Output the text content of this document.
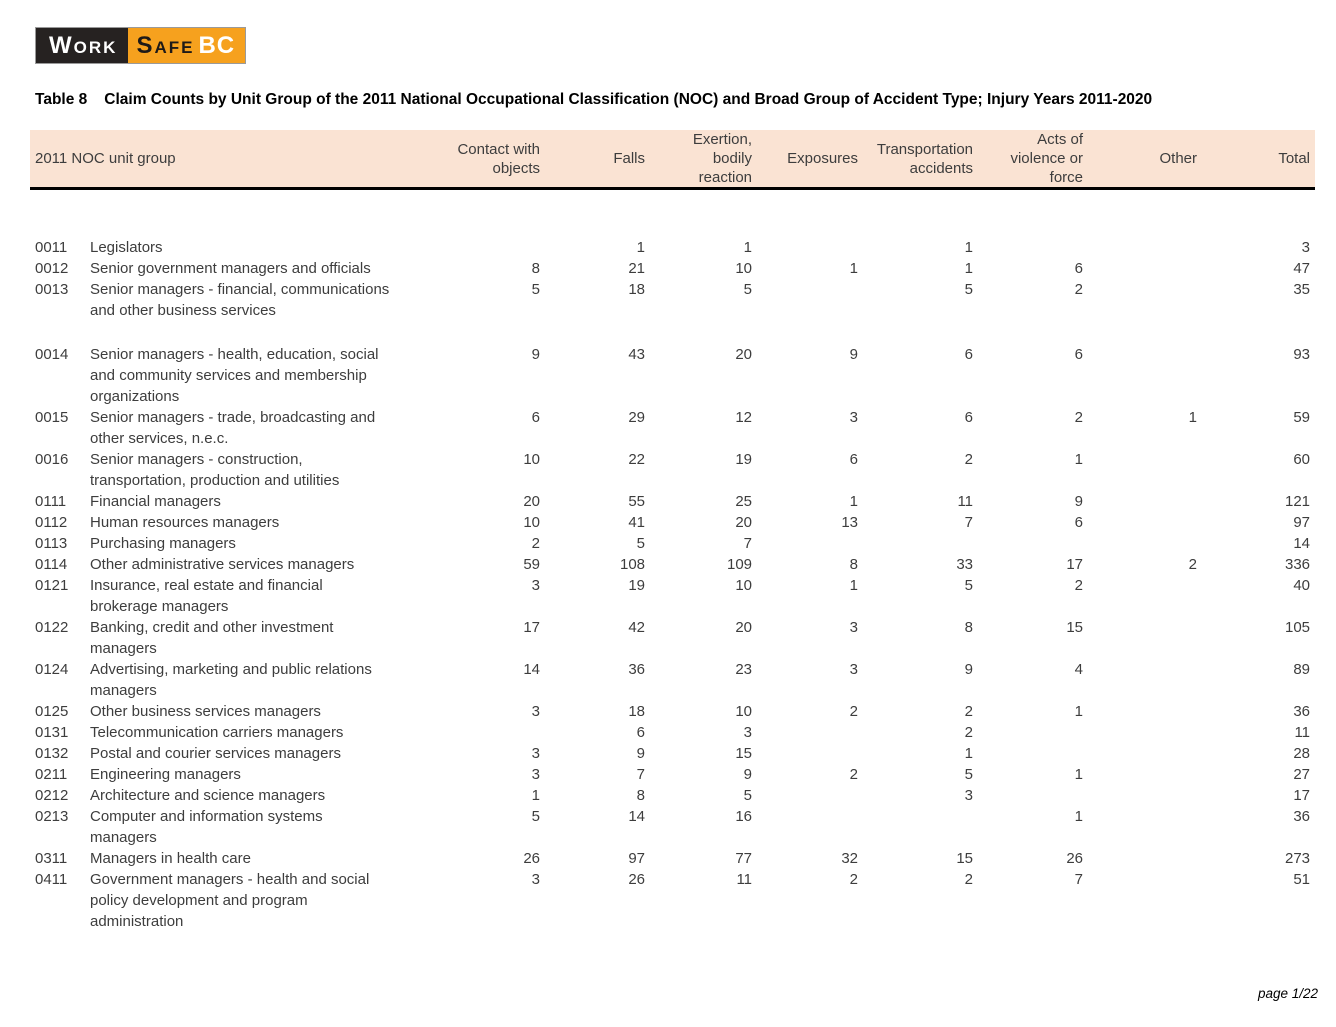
Work Safe BC
Table 8 Claim Counts by Unit Group of the 2011 National Occupational Classification (NOC) and Broad Group of Accident Type; Injury Years 2011-2020
2011 NOC unit group		Contact with objects	Falls	Exertion, bodily reaction	Exposures	Transportation accidents	Acts of violence or force	Other	Total

0011	Legislators		1	1		1			3
0012	Senior government managers and officials	8	21	10	1	1	6		47
0013	Senior managers - financial, communications and other business services	5	18	5		5	2		35

0014	Senior managers - health, education, social and community services and membership organizations	9	43	20	9	6	6		93
0015	Senior managers - trade, broadcasting and other services, n.e.c.	6	29	12	3	6	2	1	59
0016	Senior managers - construction, transportation, production and utilities	10	22	19	6	2	1		60
0111	Financial managers	20	55	25	1	11	9		121
0112	Human resources managers	10	41	20	13	7	6		97
0113	Purchasing managers	2	5	7					14
0114	Other administrative services managers	59	108	109	8	33	17	2	336
0121	Insurance, real estate and financial brokerage managers	3	19	10	1	5	2		40
0122	Banking, credit and other investment managers	17	42	20	3	8	15		105
0124	Advertising, marketing and public relations managers	14	36	23	3	9	4		89
0125	Other business services managers	3	18	10	2	2	1		36
0131	Telecommunication carriers managers		6	3		2			11
0132	Postal and courier services managers	3	9	15		1			28
0211	Engineering managers	3	7	9	2	5	1		27
0212	Architecture and science managers	1	8	5		3			17
0213	Computer and information systems managers	5	14	16			1		36
0311	Managers in health care	26	97	77	32	15	26		273
0411	Government managers - health and social policy development and program administration	3	26	11	2	2	7		51
page 1/22
